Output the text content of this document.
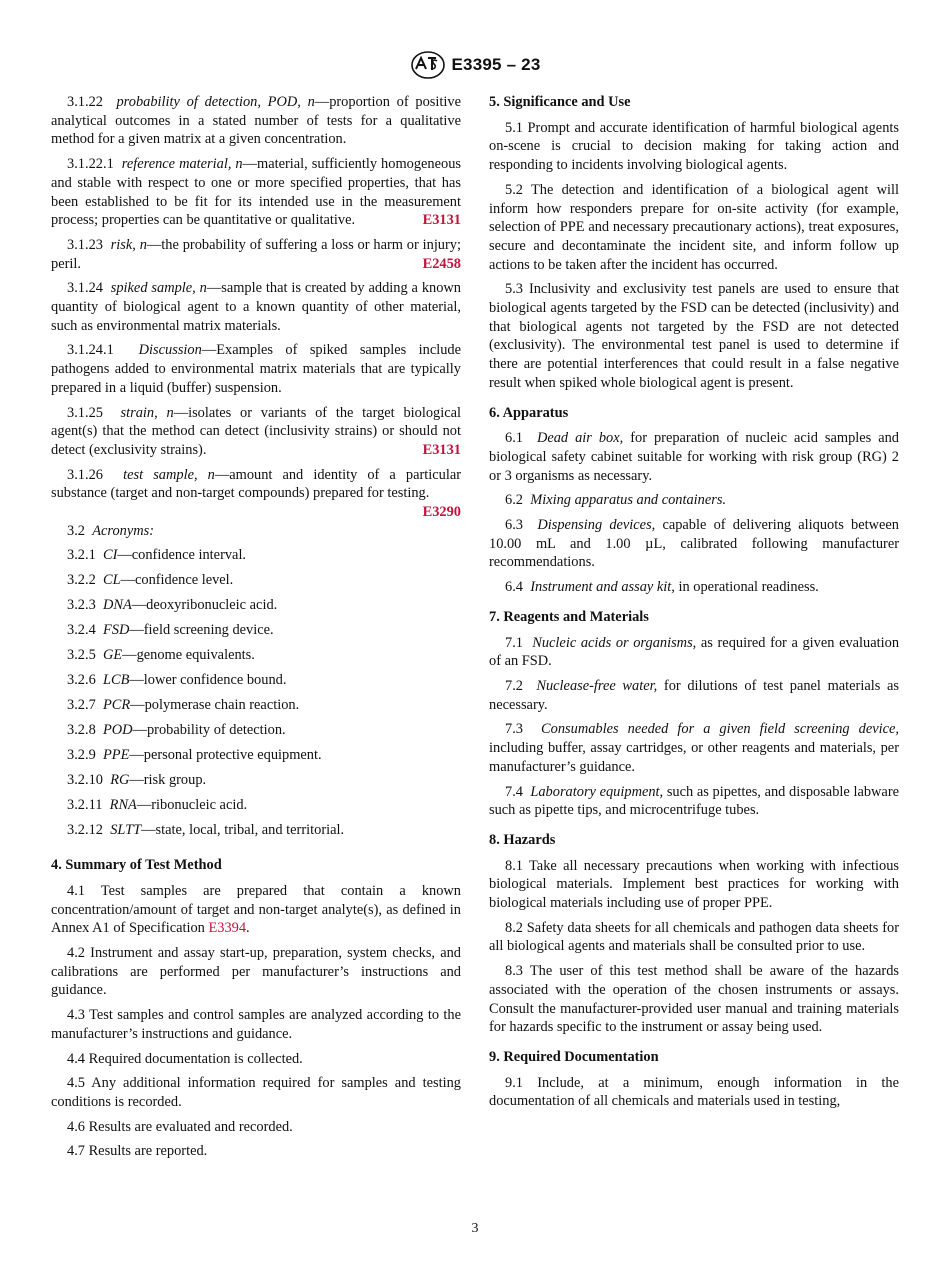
E3395 – 23

3.1.22 probability of detection, POD, n—proportion of positive analytical outcomes in a stated number of tests for a qualitative method for a given matrix at a given concentration.

3.1.22.1 reference material, n—material, sufficiently homogeneous and stable with respect to one or more specified properties, that has been established to be fit for its intended use in the measurement process; properties can be quantitative or qualitative.	E3131

3.1.23 risk, n—the probability of suffering a loss or harm or injury; peril.	E2458

3.1.24 spiked sample, n—sample that is created by adding a known quantity of biological agent to a known quantity of other material, such as environmental matrix materials.

3.1.24.1 Discussion—Examples of spiked samples include pathogens added to environmental matrix materials that are typically prepared in a liquid (buffer) suspension.

3.1.25 strain, n—isolates or variants of the target biological agent(s) that the method can detect (inclusivity strains) or should not detect (exclusivity strains).	E3131

3.1.26 test sample, n—amount and identity of a particular substance (target and non-target compounds) prepared for testing.
E3290

3.2 Acronyms:

3.2.1 CI—confidence interval.

3.2.2 CL—confidence level.

3.2.3 DNA—deoxyribonucleic acid.

3.2.4 FSD—field screening device.

3.2.5 GE—genome equivalents.

3.2.6 LCB—lower confidence bound.

3.2.7 PCR—polymerase chain reaction.

3.2.8 POD—probability of detection.

3.2.9 PPE—personal protective equipment.

3.2.10 RG—risk group.

3.2.11 RNA—ribonucleic acid.

3.2.12 SLTT—state, local, tribal, and territorial.

4. Summary of Test Method

4.1 Test samples are prepared that contain a known concentration/amount of target and non-target analyte(s), as defined in Annex A1 of Specification E3394.

4.2 Instrument and assay start-up, preparation, system checks, and calibrations are performed per manufacturer’s instructions and guidance.

4.3 Test samples and control samples are analyzed according to the manufacturer’s instructions and guidance.

4.4 Required documentation is collected.

4.5 Any additional information required for samples and testing conditions is recorded.

4.6 Results are evaluated and recorded.

4.7 Results are reported.

5. Significance and Use

5.1 Prompt and accurate identification of harmful biological agents on-scene is crucial to decision making for taking action and responding to incidents involving biological agents.

5.2 The detection and identification of a biological agent will inform how responders prepare for on-site activity (for example, selection of PPE and necessary precautionary actions), treat exposures, secure and decontaminate the incident site, and inform follow up actions to be taken after the incident has occurred.

5.3 Inclusivity and exclusivity test panels are used to ensure that biological agents targeted by the FSD can be detected (inclusivity) and that biological agents not targeted by the FSD are not detected (exclusivity). The environmental test panel is used to determine if there are potential interferences that could result in a false negative result when spiked whole biological agent is present.

6. Apparatus

6.1 Dead air box, for preparation of nucleic acid samples and biological safety cabinet suitable for working with risk group (RG) 2 or 3 organisms as necessary.

6.2 Mixing apparatus and containers.

6.3 Dispensing devices, capable of delivering aliquots between 10.00 mL and 1.00 µL, calibrated following manufacturer recommendations.

6.4 Instrument and assay kit, in operational readiness.

7. Reagents and Materials

7.1 Nucleic acids or organisms, as required for a given evaluation of an FSD.

7.2 Nuclease-free water, for dilutions of test panel materials as necessary.

7.3 Consumables needed for a given field screening device, including buffer, assay cartridges, or other reagents and materials, per manufacturer’s guidance.

7.4 Laboratory equipment, such as pipettes, and disposable labware such as pipette tips, and microcentrifuge tubes.

8. Hazards

8.1 Take all necessary precautions when working with infectious biological materials. Implement best practices for working with biological materials including use of proper PPE.

8.2 Safety data sheets for all chemicals and pathogen data sheets for all biological agents and materials shall be consulted prior to use.

8.3 The user of this test method shall be aware of the hazards associated with the operation of the chosen instruments or assays. Consult the manufacturer-provided user manual and training materials for hazards specific to the instrument or assay being used.

9. Required Documentation

9.1 Include, at a minimum, enough information in the documentation of all chemicals and materials used in testing,

3
